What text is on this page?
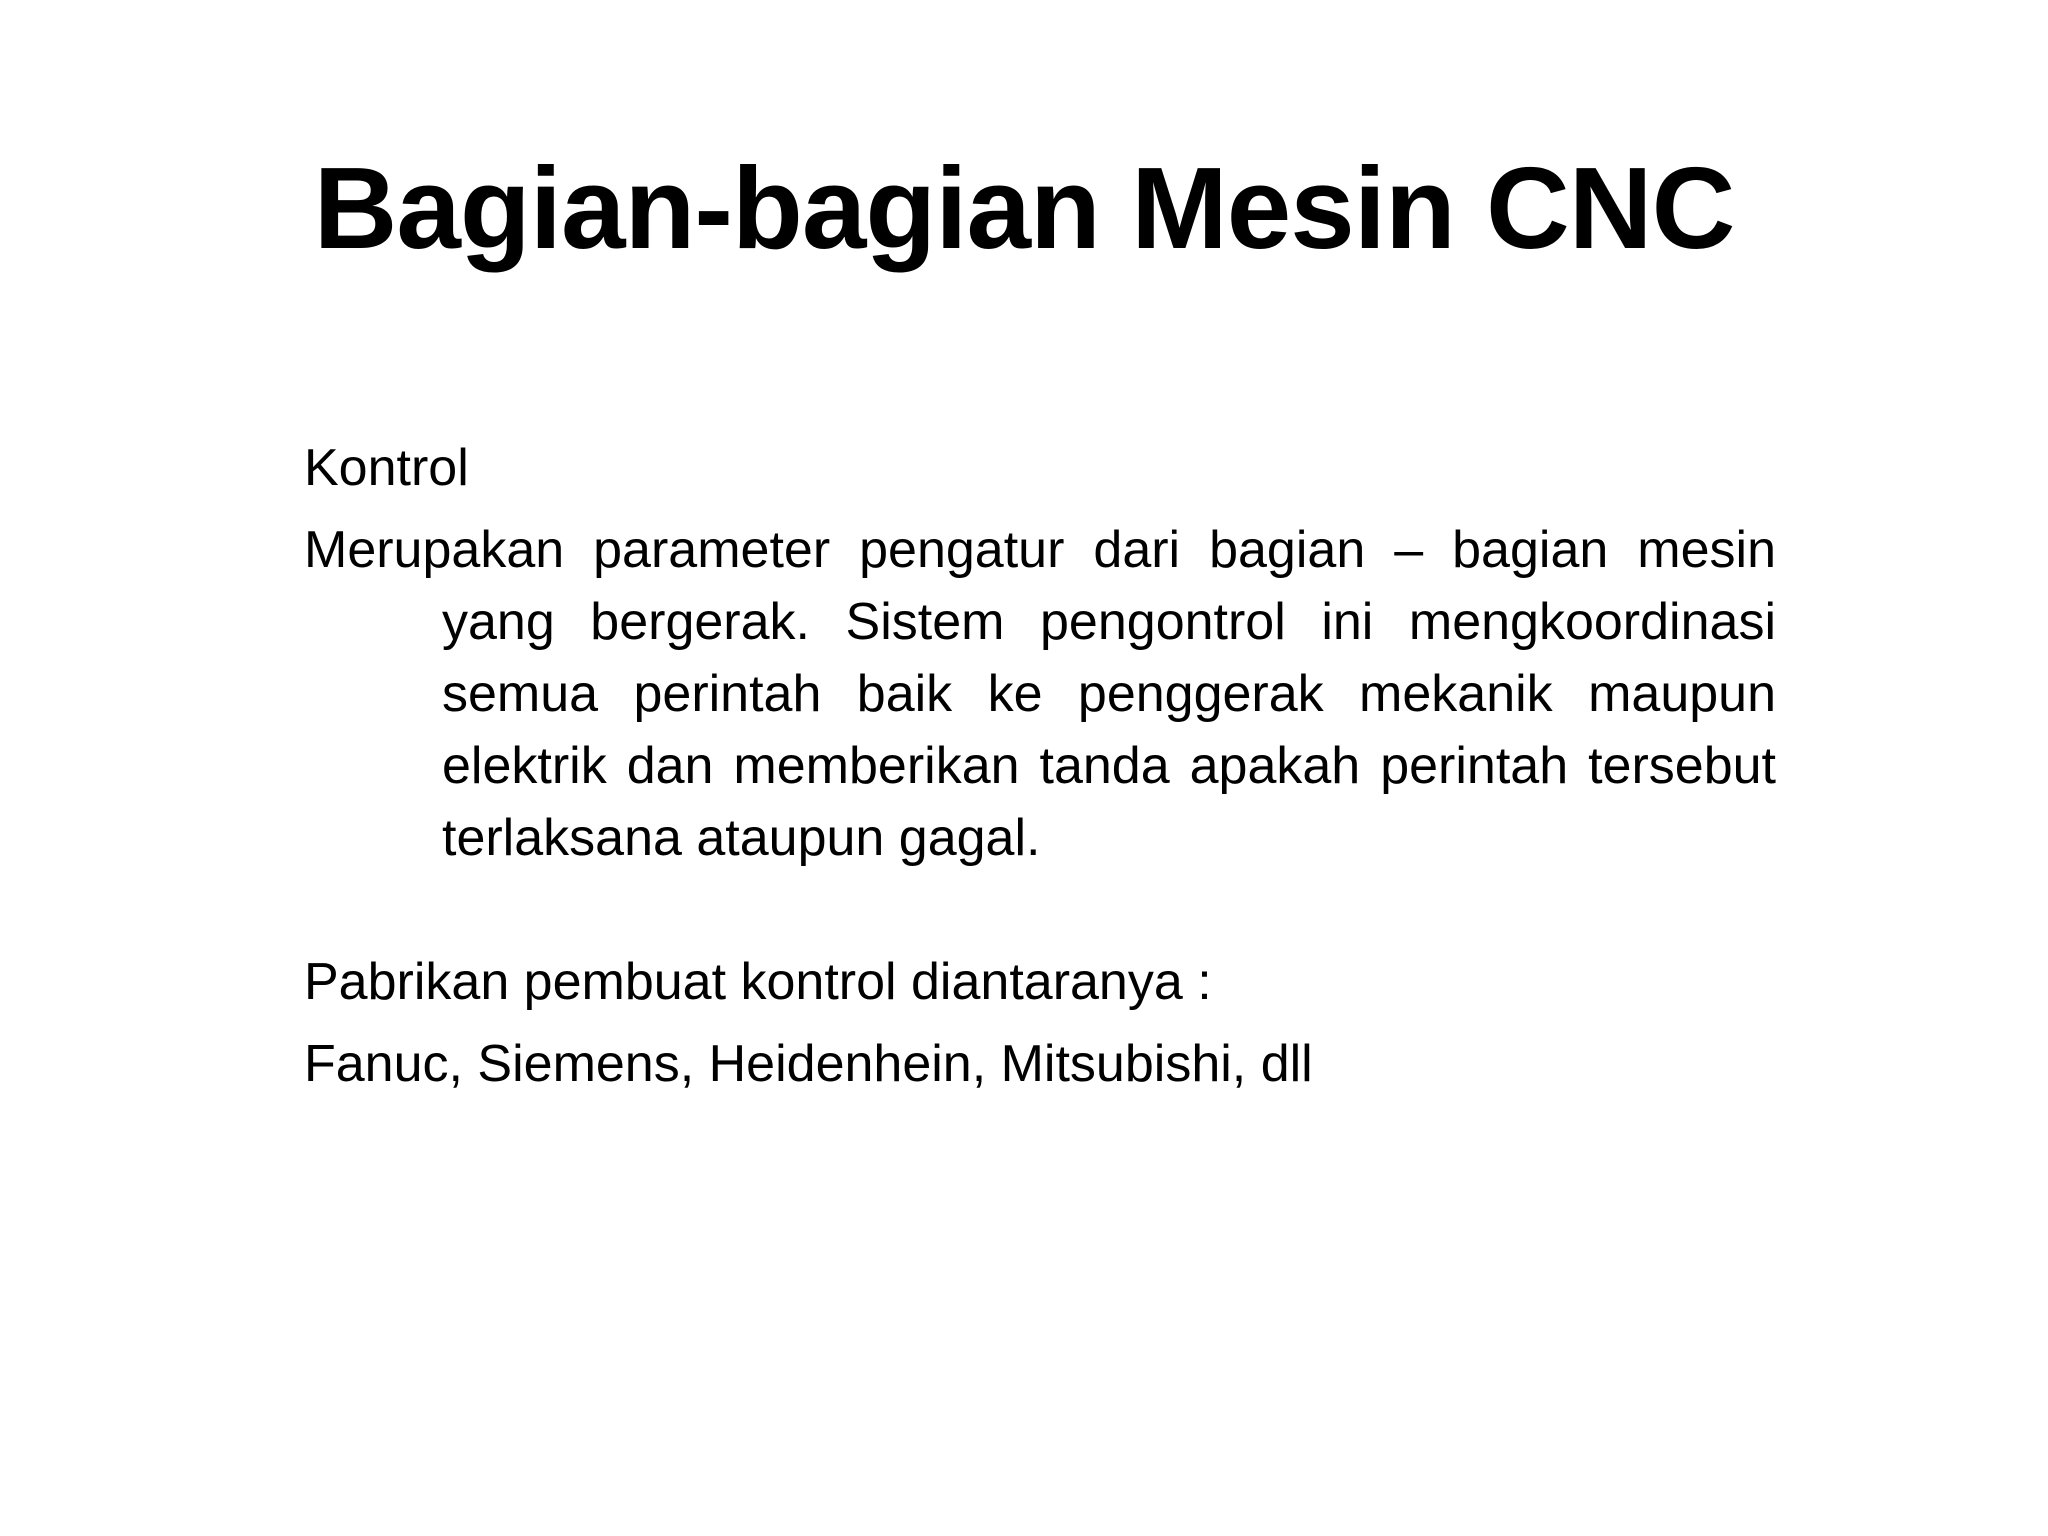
Bagian-bagian Mesin CNC

Kontrol

Merupakan parameter pengatur dari bagian – bagian mesin yang bergerak. Sistem pengontrol ini mengkoordinasi semua perintah baik ke penggerak mekanik maupun elektrik dan memberikan tanda apakah perintah tersebut terlaksana ataupun gagal.

Pabrikan pembuat kontrol diantaranya :

Fanuc, Siemens, Heidenhein, Mitsubishi, dll
